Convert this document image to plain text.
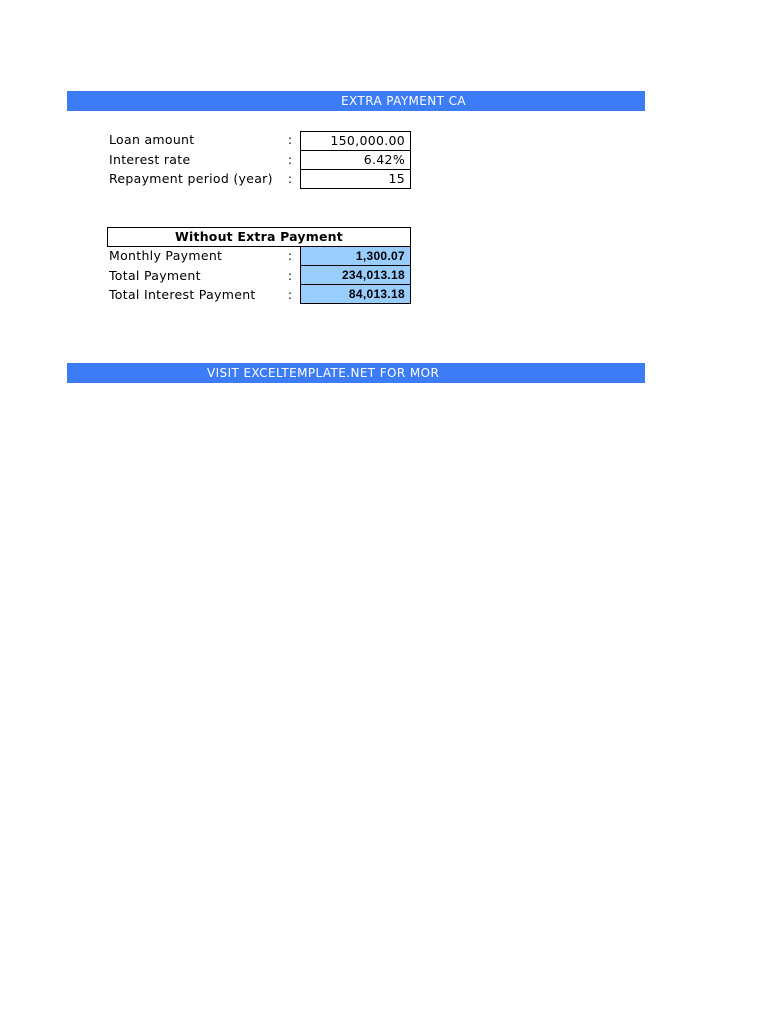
EXTRA PAYMENT CA
Loan amount	:	150,000.00
Interest rate	:	6.42%
Repayment period (year) :	15
Without Extra Payment
Monthly Payment	:	1,300.07
Total Payment	:	234,013.18
Total Interest Payment	:	84,013.18
VISIT EXCELTEMPLATE.NET FOR MOR
